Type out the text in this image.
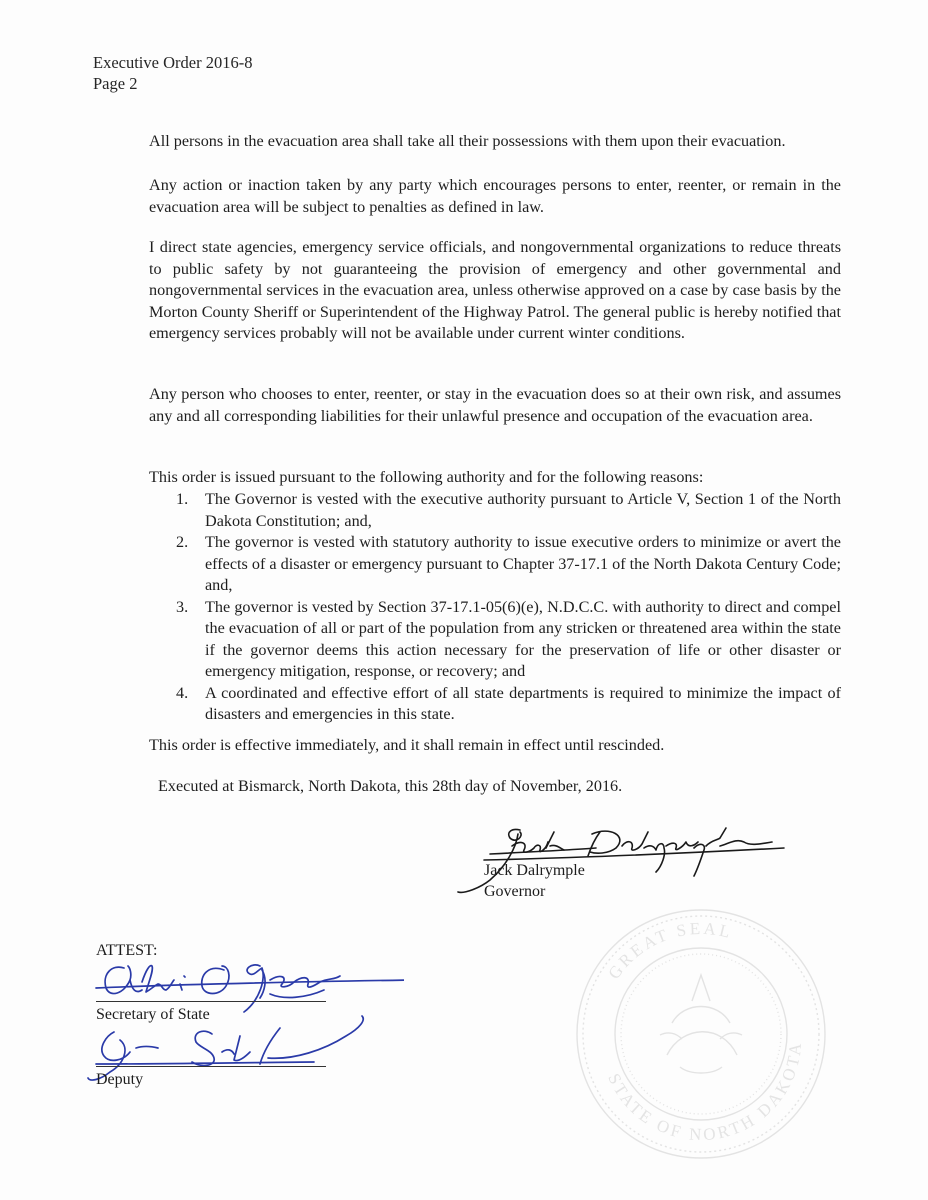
Executive Order 2016-8
Page 2
All persons in the evacuation area shall take all their possessions with them upon their evacuation.
Any action or inaction taken by any party which encourages persons to enter, reenter, or remain in the evacuation area will be subject to penalties as defined in law.
I direct state agencies, emergency service officials, and nongovernmental organizations to reduce threats to public safety by not guaranteeing the provision of emergency and other governmental and nongovernmental services in the evacuation area, unless otherwise approved on a case by case basis by the Morton County Sheriff or Superintendent of the Highway Patrol. The general public is hereby notified that emergency services probably will not be available under current winter conditions.
Any person who chooses to enter, reenter, or stay in the evacuation does so at their own risk, and assumes any and all corresponding liabilities for their unlawful presence and occupation of the evacuation area.
This order is issued pursuant to the following authority and for the following reasons:
1. The Governor is vested with the executive authority pursuant to Article V, Section 1 of the North Dakota Constitution; and,
2. The governor is vested with statutory authority to issue executive orders to minimize or avert the effects of a disaster or emergency pursuant to Chapter 37-17.1 of the North Dakota Century Code; and,
3. The governor is vested by Section 37-17.1-05(6)(e), N.D.C.C. with authority to direct and compel the evacuation of all or part of the population from any stricken or threatened area within the state if the governor deems this action necessary for the preservation of life or other disaster or emergency mitigation, response, or recovery; and
4. A coordinated and effective effort of all state departments is required to minimize the impact of disasters and emergencies in this state.
This order is effective immediately, and it shall remain in effect until rescinded.
Executed at Bismarck, North Dakota, this 28th day of November, 2016.
Jack Dalrymple
Governor
ATTEST:
Secretary of State
Deputy
GREAT SEAL
STATE OF NORTH DAKOTA
